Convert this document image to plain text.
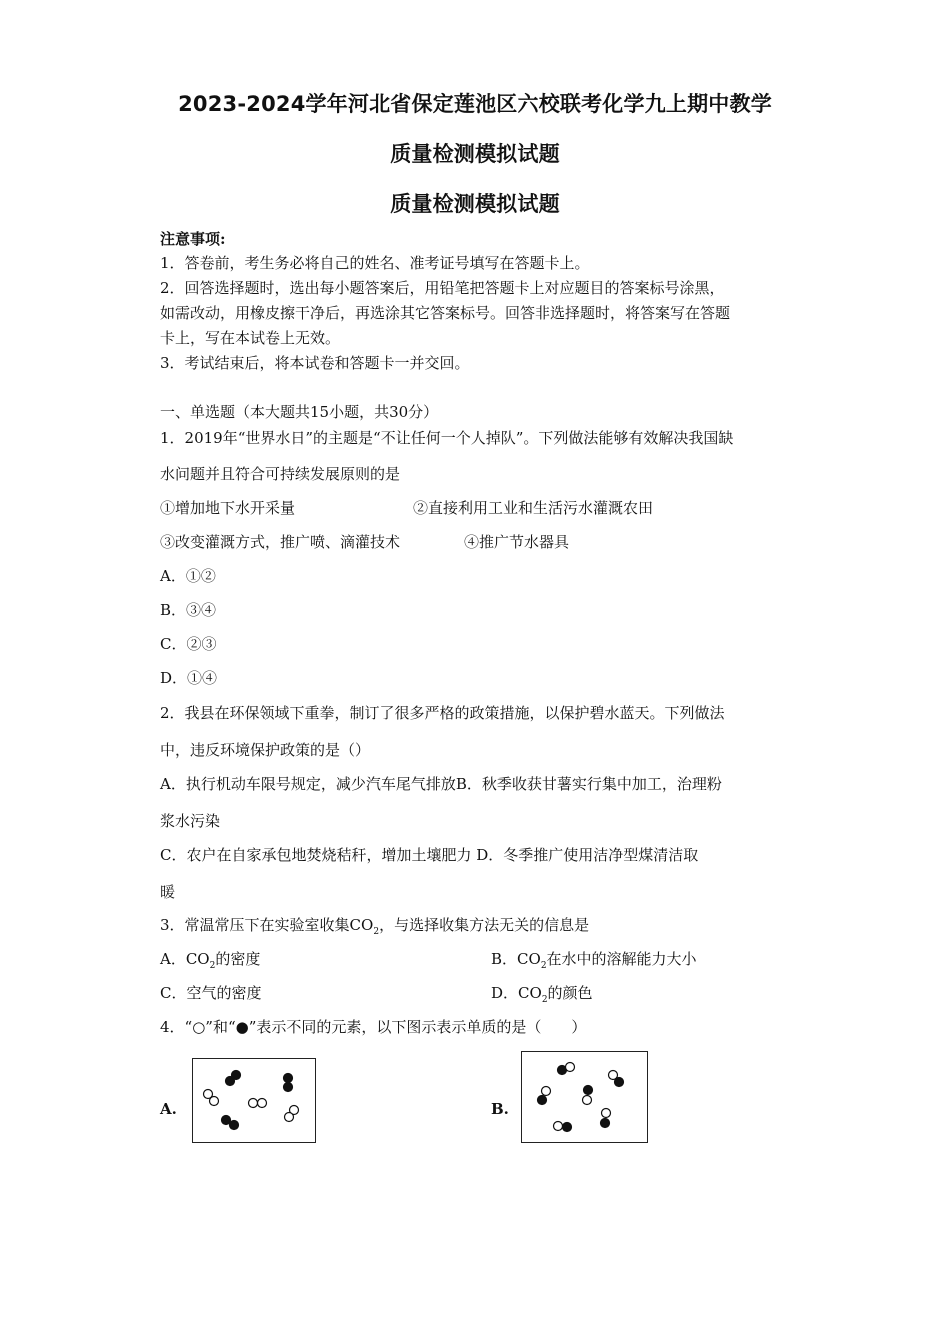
2023-2024学年河北省保定莲池区六校联考化学九上期中教学
质量检测模拟试题
质量检测模拟试题
注意事项:
1．答卷前，考生务必将自己的姓名、准考证号填写在答题卡上。
2．回答选择题时，选出每小题答案后，用铅笔把答题卡上对应题目的答案标号涂黑，
如需改动，用橡皮擦干净后，再选涂其它答案标号。回答非选择题时，将答案写在答题
卡上，写在本试卷上无效。
3．考试结束后，将本试卷和答题卡一并交回。
一、单选题（本大题共15小题，共30分）
1．2019年“世界水日”的主题是“不让任何一个人掉队”。下列做法能够有效解决我国缺
水问题并且符合可持续发展原则的是
①增加地下水开采量	②直接利用工业和生活污水灌溉农田
③改变灌溉方式，推广喷、滴灌技术	④推广节水器具
A．①②
B．③④
C．②③
D．①④
2．我县在环保领域下重拳，制订了很多严格的政策措施，以保护碧水蓝天。下列做法
中，违反环境保护政策的是（）
A．执行机动车限号规定，减少汽车尾气排放B．秋季收获甘薯实行集中加工，治理粉
浆水污染
C．农户在自家承包地焚烧秸秆，增加土壤肥力 D．冬季推广使用洁净型煤清洁取
暖
3．常温常压下在实验室收集$CO_2$，与选择收集方法无关的信息是
A．$CO_2$的密度	B．$CO_2$在水中的溶解能力大小
C．空气的密度	D．$CO_2$的颜色
4．“○”和“●”表示不同的元素，以下图示表示单质的是（　　）
A.	B.
